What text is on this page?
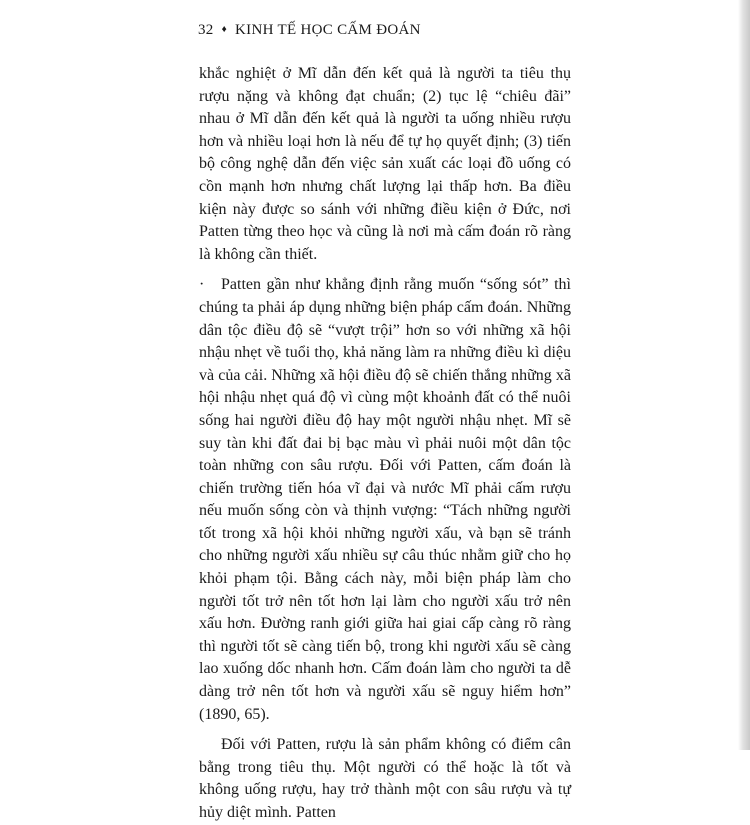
32 ♦ KINH TẾ HỌC CẤM ĐOÁN

khắc nghiệt ở Mĩ dẫn đến kết quả là người ta tiêu thụ rượu nặng và không đạt chuẩn; (2) tục lệ “chiêu đãi” nhau ở Mĩ dẫn đến kết quả là người ta uống nhiều rượu hơn và nhiều loại hơn là nếu để tự họ quyết định; (3) tiến bộ công nghệ dẫn đến việc sản xuất các loại đồ uống có cồn mạnh hơn nhưng chất lượng lại thấp hơn. Ba điều kiện này được so sánh với những điều kiện ở Đức, nơi Patten từng theo học và cũng là nơi mà cấm đoán rõ ràng là không cần thiết.

· Patten gần như khẳng định rằng muốn “sống sót” thì chúng ta phải áp dụng những biện pháp cấm đoán. Những dân tộc điều độ sẽ “vượt trội” hơn so với những xã hội nhậu nhẹt về tuổi thọ, khả năng làm ra những điều kì diệu và của cải. Những xã hội điều độ sẽ chiến thắng những xã hội nhậu nhẹt quá độ vì cùng một khoảnh đất có thể nuôi sống hai người điều độ hay một người nhậu nhẹt. Mĩ sẽ suy tàn khi đất đai bị bạc màu vì phải nuôi một dân tộc toàn những con sâu rượu. Đối với Patten, cấm đoán là chiến trường tiến hóa vĩ đại và nước Mĩ phải cấm rượu nếu muốn sống còn và thịnh vượng: “Tách những người tốt trong xã hội khỏi những người xấu, và bạn sẽ tránh cho những người xấu nhiều sự câu thúc nhằm giữ cho họ khỏi phạm tội. Bằng cách này, mỗi biện pháp làm cho người tốt trở nên tốt hơn lại làm cho người xấu trở nên xấu hơn. Đường ranh giới giữa hai giai cấp càng rõ ràng thì người tốt sẽ càng tiến bộ, trong khi người xấu sẽ càng lao xuống dốc nhanh hơn. Cấm đoán làm cho người ta dễ dàng trở nên tốt hơn và người xấu sẽ nguy hiểm hơn” (1890, 65).

Đối với Patten, rượu là sản phẩm không có điểm cân bằng trong tiêu thụ. Một người có thể hoặc là tốt và không uống rượu, hay trở thành một con sâu rượu và tự hủy diệt mình. Patten
